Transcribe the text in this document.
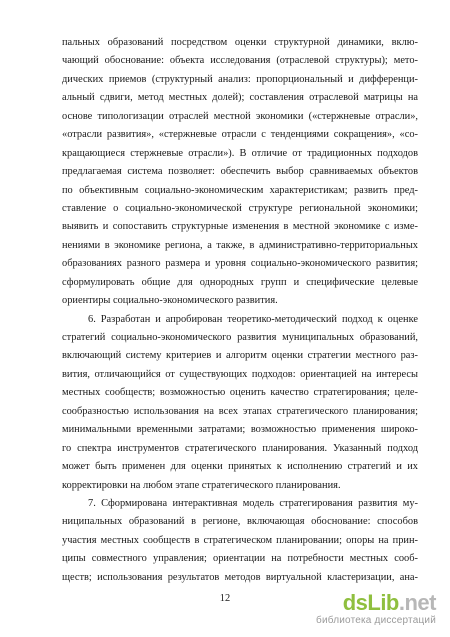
пальных образований посредством оценки структурной динамики, вклю-
чающий обоснование: объекта исследования (отраслевой структуры); мето-
дических приемов (структурный анализ: пропорциональный и дифференци-
альный сдвиги, метод местных долей); составления отраслевой матрицы на
основе типологизации отраслей местной экономики («стержневые отрасли»,
«отрасли развития», «стержневые отрасли с тенденциями сокращения», «со-
кращающиеся стержневые отрасли»). В отличие от традиционных подходов
предлагаемая система позволяет: обеспечить выбор сравниваемых объектов
по объективным социально-экономическим характеристикам; развить пред-
ставление о социально-экономической структуре региональной экономики;
выявить и сопоставить структурные изменения в местной экономике с изме-
нениями в экономике региона, а также, в административно-территориальных
образованиях разного размера и уровня социально-экономического развития;
сформулировать общие для однородных групп и специфические целевые
ориентиры социально-экономического развития.
6. Разработан и апробирован теоретико-методический подход к оценке
стратегий социально-экономического развития муниципальных образований,
включающий систему критериев и алгоритм оценки стратегии местного раз-
вития, отличающийся от существующих подходов: ориентацией на интересы
местных сообществ; возможностью оценить качество стратегирования; целе-
сообразностью использования на всех этапах стратегического планирования;
минимальными временными затратами; возможностью применения широко-
го спектра инструментов стратегического планирования. Указанный подход
может быть применен для оценки принятых к исполнению стратегий и их
корректировки на любом этапе стратегического планирования.
7. Сформирована интерактивная модель стратегирования развития му-
ниципальных образований в регионе, включающая обоснование: способов
участия местных сообществ в стратегическом планировании; опоры на прин-
ципы совместного управления; ориентации на потребности местных сооб-
ществ; использования результатов методов виртуальной кластеризации, ана-
12	dsLib.net
библиотека диссертаций
